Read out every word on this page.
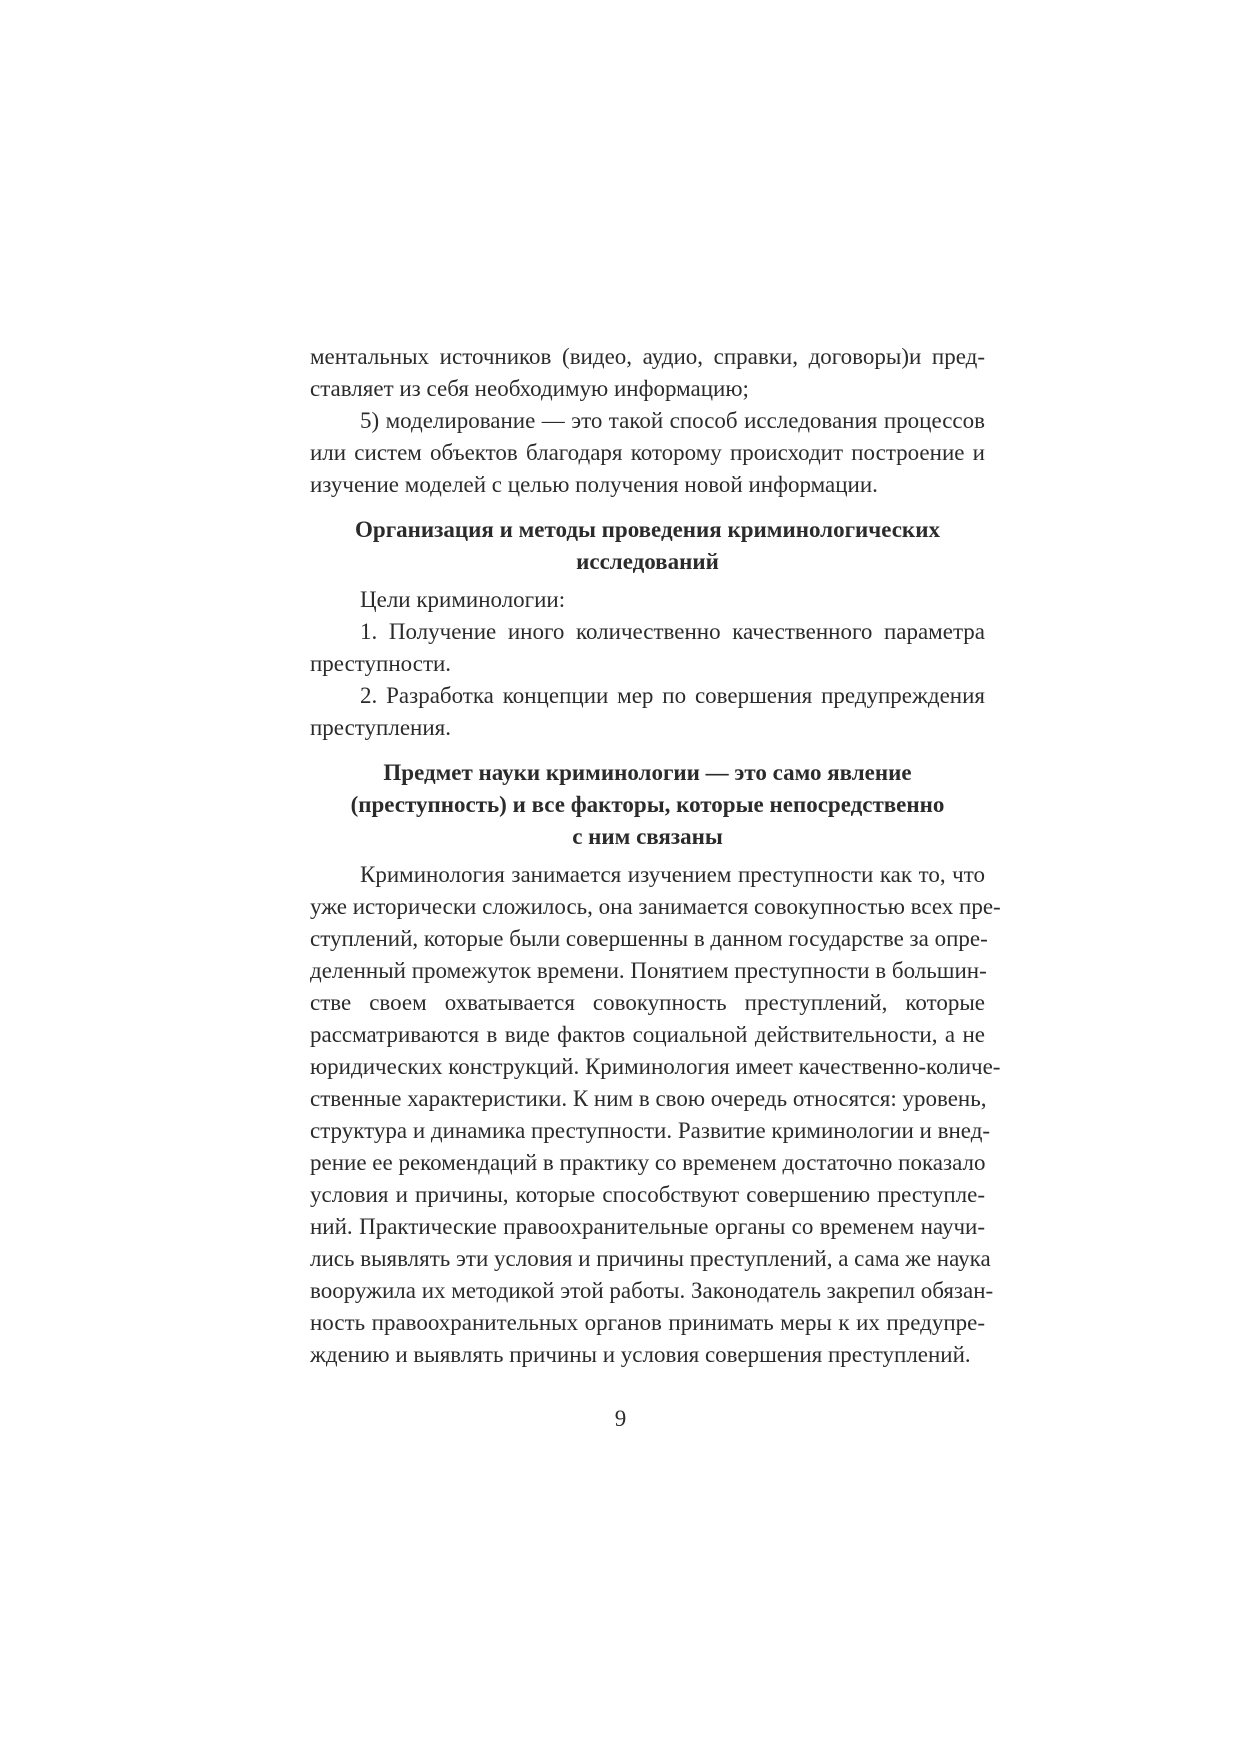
ментальных источников (видео, аудио, справки, договоры)и пред-
ставляет из себя необходимую информацию;
5) моделирование — это такой способ исследования процессов
или систем объектов благодаря которому происходит построение и
изучение моделей с целью получения новой информации.
Организация и методы проведения криминологических
исследований
Цели криминологии:
1. Получение иного количественно качественного параметра
преступности.
2. Разработка концепции мер по совершения предупреждения
преступления.
Предмет науки криминологии — это само явление
(преступность) и все факторы, которые непосредственно
с ним связаны
Криминология занимается изучением преступности как то, что
уже исторически сложилось, она занимается совокупностью всех пре-
ступлений, которые были совершенны в данном государстве за опре-
деленный промежуток времени. Понятием преступности в большин-
стве своем охватывается совокупность преступлений, которые
рассматриваются в виде фактов социальной действительности, а не
юридических конструкций. Криминология имеет качественно-количе-
ственные характеристики. К ним в свою очередь относятся: уровень,
структура и динамика преступности. Развитие криминологии и внед-
рение ее рекомендаций в практику со временем достаточно показало
условия и причины, которые способствуют совершению преступле-
ний. Практические правоохранительные органы со временем научи-
лись выявлять эти условия и причины преступлений, а сама же наука
вооружила их методикой этой работы. Законодатель закрепил обязан-
ность правоохранительных органов принимать меры к их предупре-
ждению и выявлять причины и условия совершения преступлений.
9
